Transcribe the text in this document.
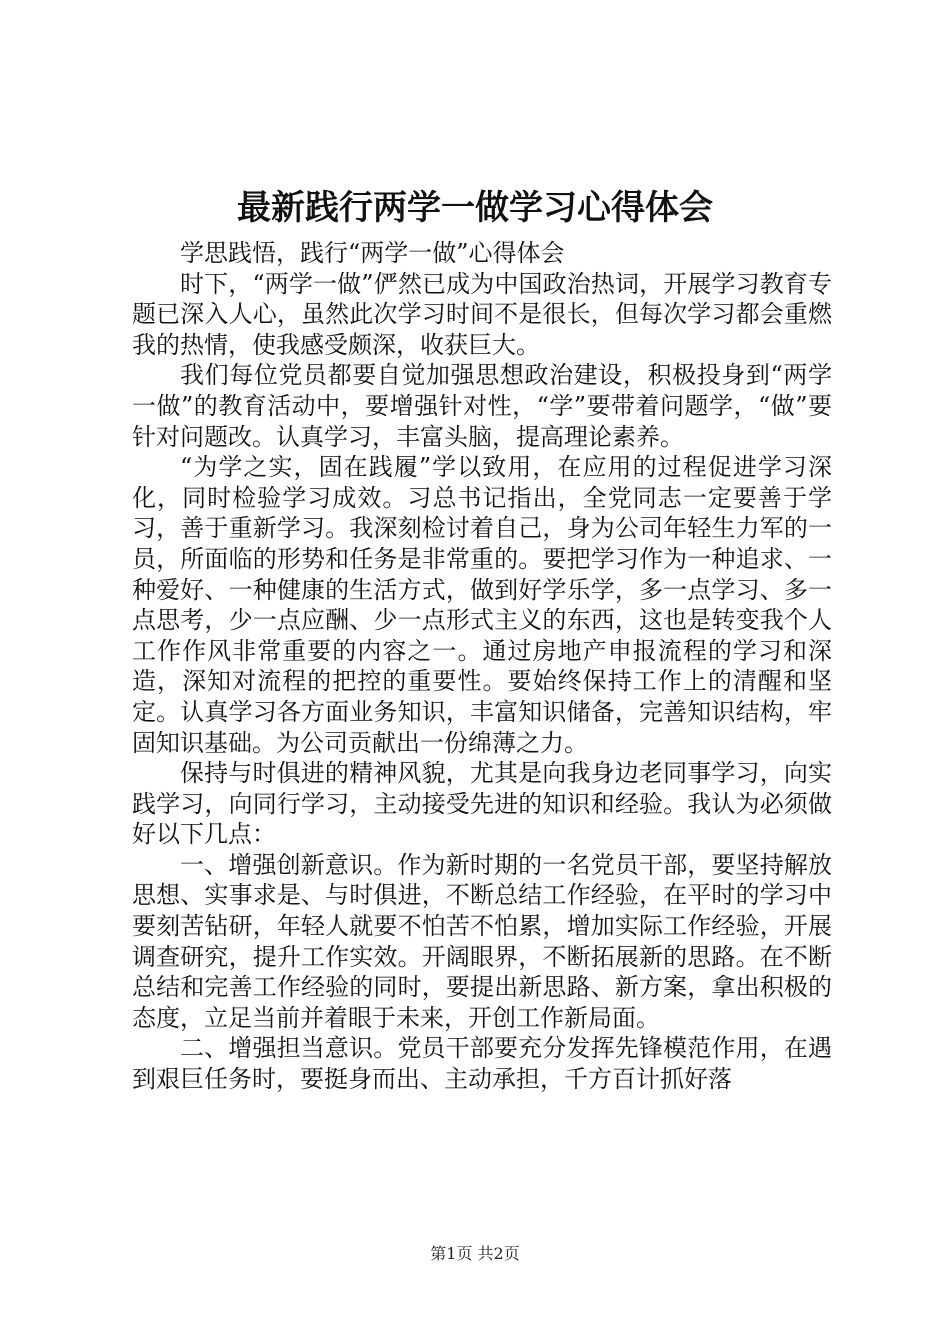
最新践行两学一做学习心得体会

学思践悟，践行“两学一做”心得体会

时下，“两学一做”俨然已成为中国政治热词，开展学习教育专题已深入人心，虽然此次学习时间不是很长，但每次学习都会重燃我的热情，使我感受颇深，收获巨大。

我们每位党员都要自觉加强思想政治建设，积极投身到“两学一做”的教育活动中，要增强针对性，“学”要带着问题学，“做”要针对问题改。认真学习，丰富头脑，提高理论素养。

“为学之实，固在践履”学以致用，在应用的过程促进学习深化，同时检验学习成效。习总书记指出，全党同志一定要善于学习，善于重新学习。我深刻检讨着自己，身为公司年轻生力军的一员，所面临的形势和任务是非常重的。要把学习作为一种追求、一种爱好、一种健康的生活方式，做到好学乐学，多一点学习、多一点思考，少一点应酬、少一点形式主义的东西，这也是转变我个人工作作风非常重要的内容之一。通过房地产申报流程的学习和深造，深知对流程的把控的重要性。要始终保持工作上的清醒和坚定。认真学习各方面业务知识，丰富知识储备，完善知识结构，牢固知识基础。为公司贡献出一份绵薄之力。

保持与时俱进的精神风貌，尤其是向我身边老同事学习，向实践学习，向同行学习，主动接受先进的知识和经验。我认为必须做好以下几点：

一、增强创新意识。作为新时期的一名党员干部，要坚持解放思想、实事求是、与时俱进，不断总结工作经验，在平时的学习中要刻苦钻研，年轻人就要不怕苦不怕累，增加实际工作经验，开展调查研究，提升工作实效。开阔眼界，不断拓展新的思路。在不断总结和完善工作经验的同时，要提出新思路、新方案，拿出积极的态度，立足当前并着眼于未来，开创工作新局面。

二、增强担当意识。党员干部要充分发挥先锋模范作用，在遇到艰巨任务时，要挺身而出、主动承担，千方百计抓好落

第1页 共2页
